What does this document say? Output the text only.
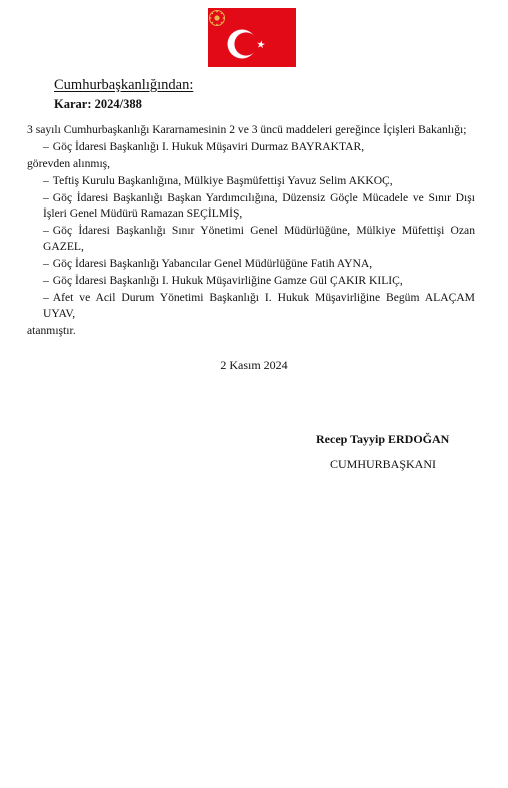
Cumhurbaşkanlığından:
Karar: 2024/388

3 sayılı Cumhurbaşkanlığı Kararnamesinin 2 ve 3 üncü maddeleri gereğince İçişleri Bakanlığı;

– Göç İdaresi Başkanlığı I. Hukuk Müşaviri Durmaz BAYRAKTAR,

görevden alınmış,

– Teftiş Kurulu Başkanlığına, Mülkiye Başmüfettişi Yavuz Selim AKKOÇ,

– Göç İdaresi Başkanlığı Başkan Yardımcılığına, Düzensiz Göçle Mücadele ve Sınır Dışı İşleri Genel Müdürü Ramazan SEÇİLMİŞ,

– Göç İdaresi Başkanlığı Sınır Yönetimi Genel Müdürlüğüne, Mülkiye Müfettişi Ozan GAZEL,

– Göç İdaresi Başkanlığı Yabancılar Genel Müdürlüğüne Fatih AYNA,

– Göç İdaresi Başkanlığı I. Hukuk Müşavirliğine Gamze Gül ÇAKIR KILIÇ,

– Afet ve Acil Durum Yönetimi Başkanlığı I. Hukuk Müşavirliğine Begüm ALAÇAM UYAV,

atanmıştır.

2 Kasım 2024
Recep Tayyip ERDOĞAN
CUMHURBAŞKANI
